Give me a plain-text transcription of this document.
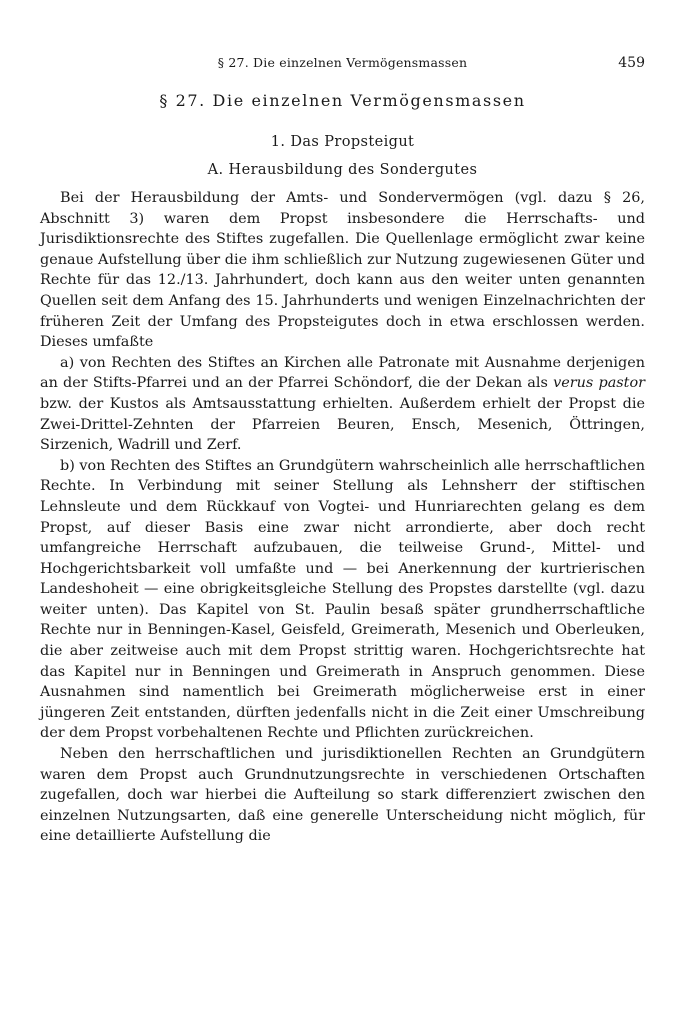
§ 27. Die einzelnen Vermögensmassen	459
§ 27. Die einzelnen Vermögensmassen
1. Das Propsteigut
A. Herausbildung des Sondergutes

Bei der Herausbildung der Amts- und Sondervermögen (vgl. dazu § 26, Abschnitt 3) waren dem Propst insbesondere die Herrschafts- und Jurisdiktionsrechte des Stiftes zugefallen. Die Quellenlage ermöglicht zwar keine genaue Aufstellung über die ihm schließlich zur Nutzung zugewiesenen Güter und Rechte für das 12./13. Jahrhundert, doch kann aus den weiter unten genannten Quellen seit dem Anfang des 15. Jahrhunderts und wenigen Einzelnachrichten der früheren Zeit der Umfang des Propsteigutes doch in etwa erschlossen werden. Dieses umfaßte

a) von Rechten des Stiftes an Kirchen alle Patronate mit Ausnahme derjenigen an der Stifts-Pfarrei und an der Pfarrei Schöndorf, die der Dekan als verus pastor bzw. der Kustos als Amtsausstattung erhielten. Außerdem erhielt der Propst die Zwei-Drittel-Zehnten der Pfarreien Beuren, Ensch, Mesenich, Öttringen, Sirzenich, Wadrill und Zerf.

b) von Rechten des Stiftes an Grundgütern wahrscheinlich alle herrschaftlichen Rechte. In Verbindung mit seiner Stellung als Lehnsherr der stiftischen Lehnsleute und dem Rückkauf von Vogtei- und Hunriarechten gelang es dem Propst, auf dieser Basis eine zwar nicht arrondierte, aber doch recht umfangreiche Herrschaft aufzubauen, die teilweise Grund-, Mittel- und Hochgerichtsbarkeit voll umfaßte und — bei Anerkennung der kurtrierischen Landeshoheit — eine obrigkeitsgleiche Stellung des Propstes darstellte (vgl. dazu weiter unten). Das Kapitel von St. Paulin besaß später grundherrschaftliche Rechte nur in Benningen-Kasel, Geisfeld, Greimerath, Mesenich und Oberleuken, die aber zeitweise auch mit dem Propst strittig waren. Hochgerichtsrechte hat das Kapitel nur in Benningen und Greimerath in Anspruch genommen. Diese Ausnahmen sind namentlich bei Greimerath möglicherweise erst in einer jüngeren Zeit entstanden, dürften jedenfalls nicht in die Zeit einer Umschreibung der dem Propst vorbehaltenen Rechte und Pflichten zurückreichen.

Neben den herrschaftlichen und jurisdiktionellen Rechten an Grundgütern waren dem Propst auch Grundnutzungsrechte in verschiedenen Ortschaften zugefallen, doch war hierbei die Aufteilung so stark differenziert zwischen den einzelnen Nutzungsarten, daß eine generelle Unterscheidung nicht möglich, für eine detaillierte Aufstellung die
